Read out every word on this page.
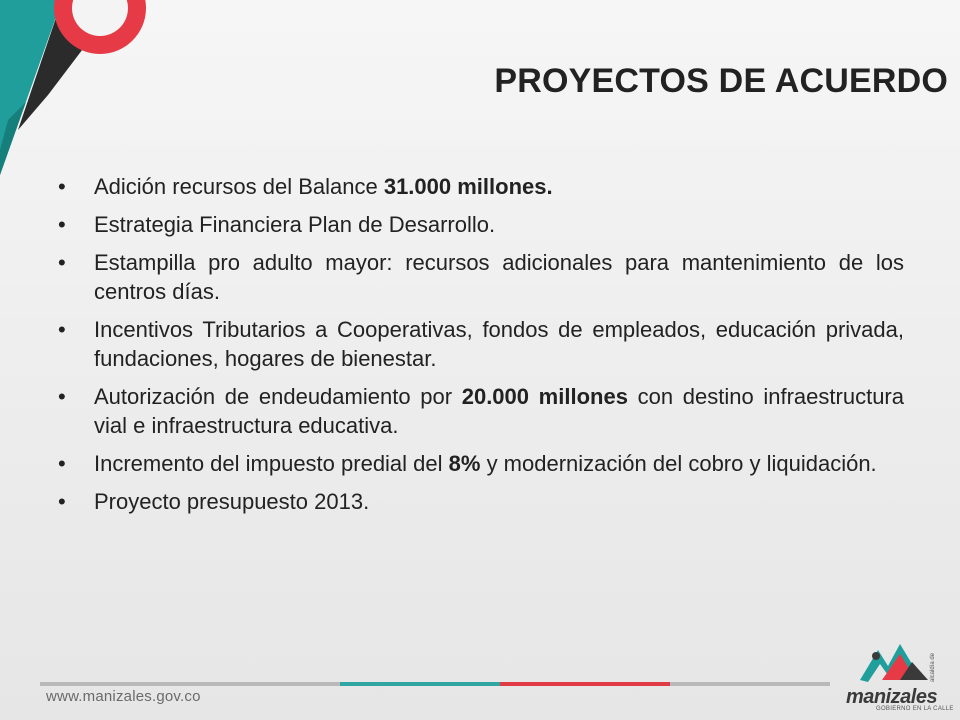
PROYECTOS DE ACUERDO
• Adición recursos del Balance 31.000 millones.
• Estrategia Financiera Plan de Desarrollo.
• Estampilla pro adulto mayor: recursos adicionales para mantenimiento de los centros días.
• Incentivos Tributarios a Cooperativas, fondos de empleados, educación privada, fundaciones, hogares de bienestar.
• Autorización de endeudamiento por 20.000 millones con destino infraestructura vial e infraestructura educativa.
• Incremento del impuesto predial del 8% y modernización del cobro y liquidación.
• Proyecto presupuesto 2013.
www.manizales.gov.co
alcaldía de
manizales
GOBIERNO EN LA CALLE
